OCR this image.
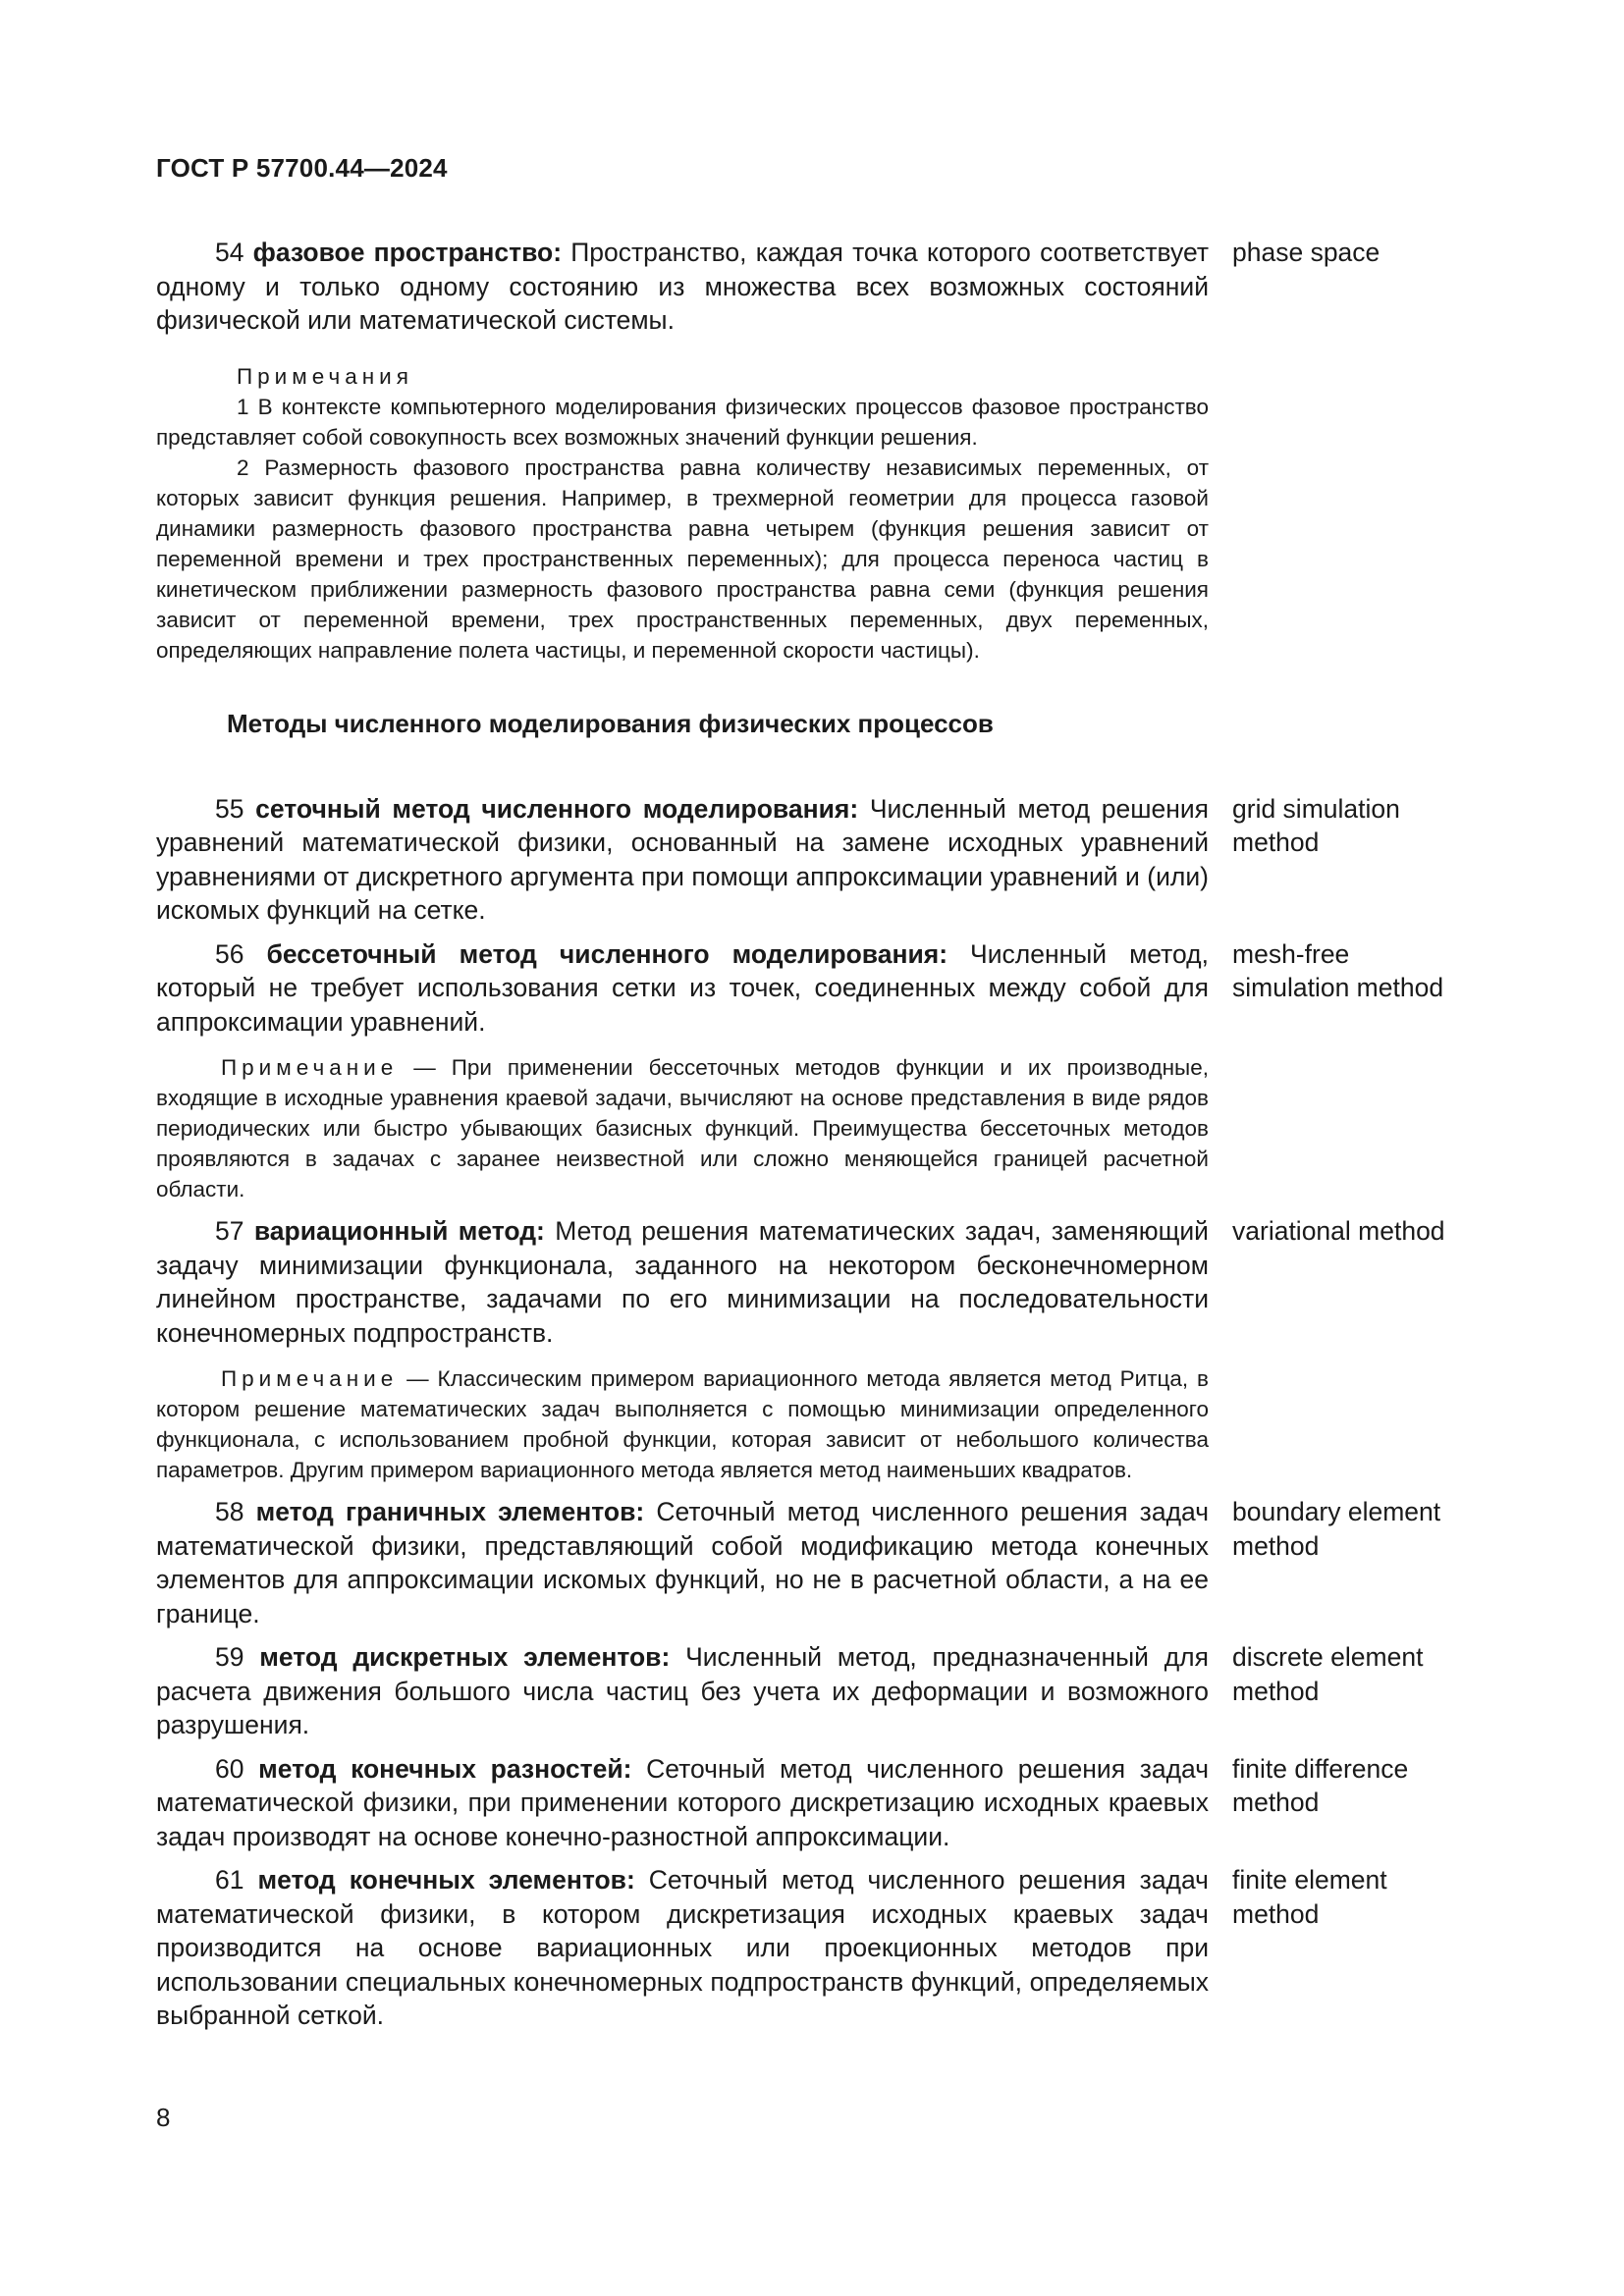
ГОСТ Р 57700.44—2024
54 фазовое пространство: Пространство, каждая точка которого соответствует одному и только одному состоянию из множества всех возможных состояний физической или математической системы.
phase space
Примечания
1 В контексте компьютерного моделирования физических процессов фазовое пространство представляет собой совокупность всех возможных значений функции решения.
2 Размерность фазового пространства равна количеству независимых переменных, от которых зависит функция решения. Например, в трехмерной геометрии для процесса газовой динамики размерность фазового пространства равна четырем (функция решения зависит от переменной времени и трех пространственных переменных); для процесса переноса частиц в кинетическом приближении размерность фазового пространства равна семи (функция решения зависит от переменной времени, трех пространственных переменных, двух переменных, определяющих направление полета частицы, и переменной скорости частицы).
Методы численного моделирования физических процессов
55 сеточный метод численного моделирования: Численный метод решения уравнений математической физики, основанный на замене исходных уравнений уравнениями от дискретного аргумента при помощи аппроксимации уравнений и (или) искомых функций на сетке.
grid simulation method
56 бессеточный метод численного моделирования: Численный метод, который не требует использования сетки из точек, соединенных между собой для аппроксимации уравнений.
mesh-free simulation method
Примечание — При применении бессеточных методов функции и их производные, входящие в исходные уравнения краевой задачи, вычисляют на основе представления в виде рядов периодических или быстро убывающих базисных функций. Преимущества бессеточных методов проявляются в задачах с заранее неизвестной или сложно меняющейся границей расчетной области.
57 вариационный метод: Метод решения математических задач, заменяющий задачу минимизации функционала, заданного на некотором бесконечномерном линейном пространстве, задачами по его минимизации на последовательности конечномерных подпространств.
variational method
Примечание — Классическим примером вариационного метода является метод Ритца, в котором решение математических задач выполняется с помощью минимизации определенного функционала, с использованием пробной функции, которая зависит от небольшого количества параметров. Другим примером вариационного метода является метод наименьших квадратов.
58 метод граничных элементов: Сеточный метод численного решения задач математической физики, представляющий собой модификацию метода конечных элементов для аппроксимации искомых функций, но не в расчетной области, а на ее границе.
boundary element method
59 метод дискретных элементов: Численный метод, предназначенный для расчета движения большого числа частиц без учета их деформации и возможного разрушения.
discrete element method
60 метод конечных разностей: Сеточный метод численного решения задач математической физики, при применении которого дискретизацию исходных краевых задач производят на основе конечно-разностной аппроксимации.
finite difference method
61 метод конечных элементов: Сеточный метод численного решения задач математической физики, в котором дискретизация исходных краевых задач производится на основе вариационных или проекционных методов при использовании специальных конечномерных подпространств функций, определяемых выбранной сеткой.
finite element method
8
